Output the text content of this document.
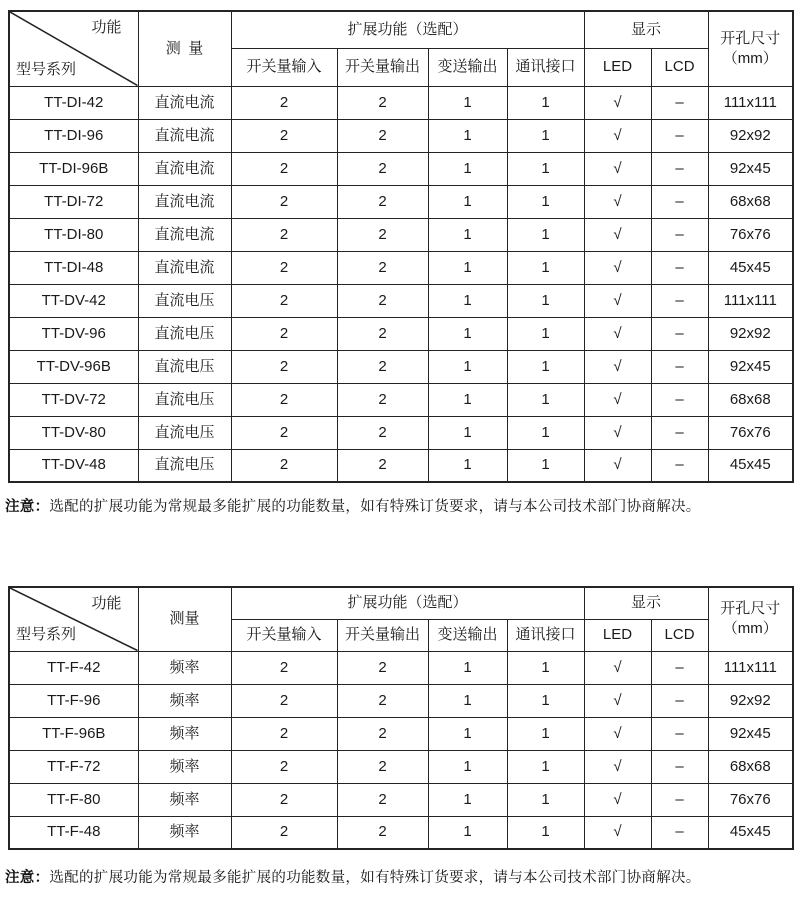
功能
型号系列
	测 量	扩展功能（选配）	显示	
开孔尺寸
（mm）

		开关量输入	开关量输出	变送输出	通讯接口	LED	LCD	
TT-DI-42	直流电流	2	2	1	1	√	–	111x111
TT-DI-96	直流电流	2	2	1	1	√	–	92x92
TT-DI-96B	直流电流	2	2	1	1	√	–	92x45
TT-DI-72	直流电流	2	2	1	1	√	–	68x68
TT-DI-80	直流电流	2	2	1	1	√	–	76x76
TT-DI-48	直流电流	2	2	1	1	√	–	45x45
TT-DV-42	直流电压	2	2	1	1	√	–	111x111
TT-DV-96	直流电压	2	2	1	1	√	–	92x92
TT-DV-96B	直流电压	2	2	1	1	√	–	92x45
TT-DV-72	直流电压	2	2	1	1	√	–	68x68
TT-DV-80	直流电压	2	2	1	1	√	–	76x76
TT-DV-48	直流电压	2	2	1	1	√	–	45x45

注意：选配的扩展功能为常规最多能扩展的功能数量，如有特殊订货要求，请与本公司技术部门协商解决。

功能
型号系列
	测量	扩展功能（选配）	显示	开孔尺寸
（mm）

		开关量输入	开关量输出	变送输出	通讯接口	LED	LCD	
TT-F-42	频率	2	2	1	1	√	–	111x111
TT-F-96	频率	2	2	1	1	√	–	92x92
TT-F-96B	频率	2	2	1	1	√	–	92x45
TT-F-72	频率	2	2	1	1	√	–	68x68
TT-F-80	频率	2	2	1	1	√	–	76x76
TT-F-48	频率	2	2	1	1	√	–	45x45

注意：选配的扩展功能为常规最多能扩展的功能数量，如有特殊订货要求，请与本公司技术部门协商解决。
